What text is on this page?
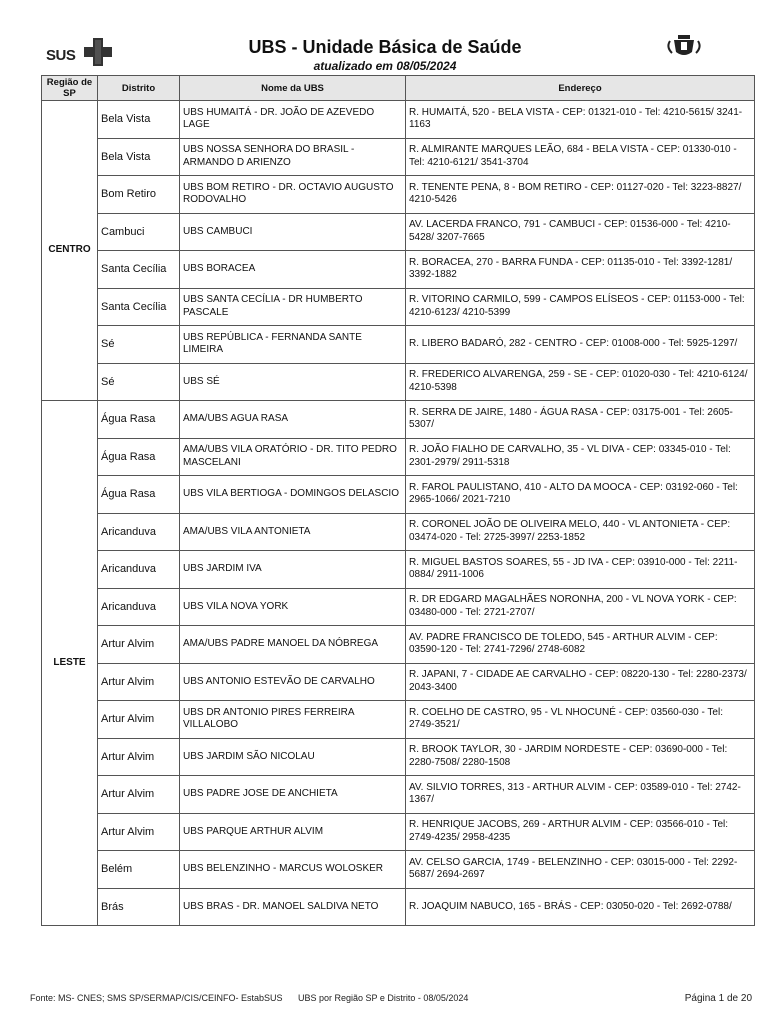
SUS	UBS - Unidade Básica de Saúde
atualizado em 08/05/2024
Região de SP	Distrito	Nome da UBS	Endereço
CENTRO	Bela Vista	UBS HUMAITÁ - DR. JOÃO DE AZEVEDO LAGE	R. HUMAITÁ, 520 - BELA VISTA - CEP: 01321-010 - Tel: 4210-5615/ 3241-1163
	Bela Vista	UBS NOSSA SENHORA DO BRASIL - ARMANDO D ARIENZO	R. ALMIRANTE MARQUES LEÃO, 684 - BELA VISTA - CEP: 01330-010 - Tel: 4210-6121/ 3541-3704
	Bom Retiro	UBS BOM RETIRO - DR. OCTAVIO AUGUSTO RODOVALHO	R. TENENTE PENA, 8 - BOM RETIRO - CEP: 01127-020 - Tel: 3223-8827/ 4210-5426
	Cambuci	UBS CAMBUCI	AV. LACERDA FRANCO, 791 - CAMBUCI - CEP: 01536-000 - Tel: 4210-5428/ 3207-7665
	Santa Cecília	UBS BORACEA	R. BORACEA, 270 - BARRA FUNDA - CEP: 01135-010 - Tel: 3392-1281/ 3392-1882
	Santa Cecília	UBS SANTA CECÍLIA - DR HUMBERTO PASCALE	R. VITORINO CARMILO, 599 - CAMPOS ELÍSEOS - CEP: 01153-000 - Tel: 4210-6123/ 4210-5399
	Sé	UBS REPÚBLICA - FERNANDA SANTE LIMEIRA	R. LIBERO BADARÓ, 282 - CENTRO - CEP: 01008-000 - Tel: 5925-1297/
	Sé	UBS SÉ	R. FREDERICO ALVARENGA, 259 - SE - CEP: 01020-030 - Tel: 4210-6124/ 4210-5398
LESTE	Água Rasa	AMA/UBS AGUA RASA	R. SERRA DE JAIRE, 1480 - ÁGUA RASA - CEP: 03175-001 - Tel: 2605-5307/
	Água Rasa	AMA/UBS VILA ORATÓRIO - DR. TITO PEDRO MASCELANI	R. JOÃO FIALHO DE CARVALHO, 35 - VL DIVA - CEP: 03345-010 - Tel: 2301-2979/ 2911-5318
	Água Rasa	UBS VILA BERTIOGA - DOMINGOS DELASCIO	R. FAROL PAULISTANO, 410 - ALTO DA MOOCA - CEP: 03192-060 - Tel: 2965-1066/ 2021-7210
	Aricanduva	AMA/UBS VILA ANTONIETA	R. CORONEL JOÃO DE OLIVEIRA MELO, 440 - VL ANTONIETA - CEP: 03474-020 - Tel: 2725-3997/ 2253-1852
	Aricanduva	UBS JARDIM IVA	R. MIGUEL BASTOS SOARES, 55 - JD IVA - CEP: 03910-000 - Tel: 2211-0884/ 2911-1006
	Aricanduva	UBS VILA NOVA YORK	R. DR EDGARD MAGALHÃES NORONHA, 200 - VL NOVA YORK - CEP: 03480-000 - Tel: 2721-2707/
	Artur Alvim	AMA/UBS PADRE MANOEL DA NÓBREGA	AV. PADRE FRANCISCO DE TOLEDO, 545 - ARTHUR ALVIM - CEP: 03590-120 - Tel: 2741-7296/ 2748-6082
	Artur Alvim	UBS ANTONIO ESTEVÃO DE CARVALHO	R. JAPANI, 7 - CIDADE AE CARVALHO - CEP: 08220-130 - Tel: 2280-2373/ 2043-3400
	Artur Alvim	UBS DR ANTONIO PIRES FERREIRA VILLALOBO	R. COELHO DE CASTRO, 95 - VL NHOCUNÉ - CEP: 03560-030 - Tel: 2749-3521/
	Artur Alvim	UBS JARDIM SÃO NICOLAU	R. BROOK TAYLOR, 30 - JARDIM NORDESTE - CEP: 03690-000 - Tel: 2280-7508/ 2280-1508
	Artur Alvim	UBS PADRE JOSE DE ANCHIETA	AV. SILVIO TORRES, 313 - ARTHUR ALVIM - CEP: 03589-010 - Tel: 2742-1367/
	Artur Alvim	UBS PARQUE ARTHUR ALVIM	R. HENRIQUE JACOBS, 269 - ARTHUR ALVIM - CEP: 03566-010 - Tel: 2749-4235/ 2958-4235
	Belém	UBS BELENZINHO - MARCUS WOLOSKER	AV. CELSO GARCIA, 1749 - BELENZINHO - CEP: 03015-000 - Tel: 2292-5687/ 2694-2697
	Brás	UBS BRAS - DR. MANOEL SALDIVA NETO	R. JOAQUIM NABUCO, 165 - BRÁS - CEP: 03050-020 - Tel: 2692-0788/
Fonte: MS- CNES; SMS SP/SERMAP/CIS/CEINFO- EstabSUS UBS por Região SP e Distrito - 08/05/2024	Página 1 de 20
